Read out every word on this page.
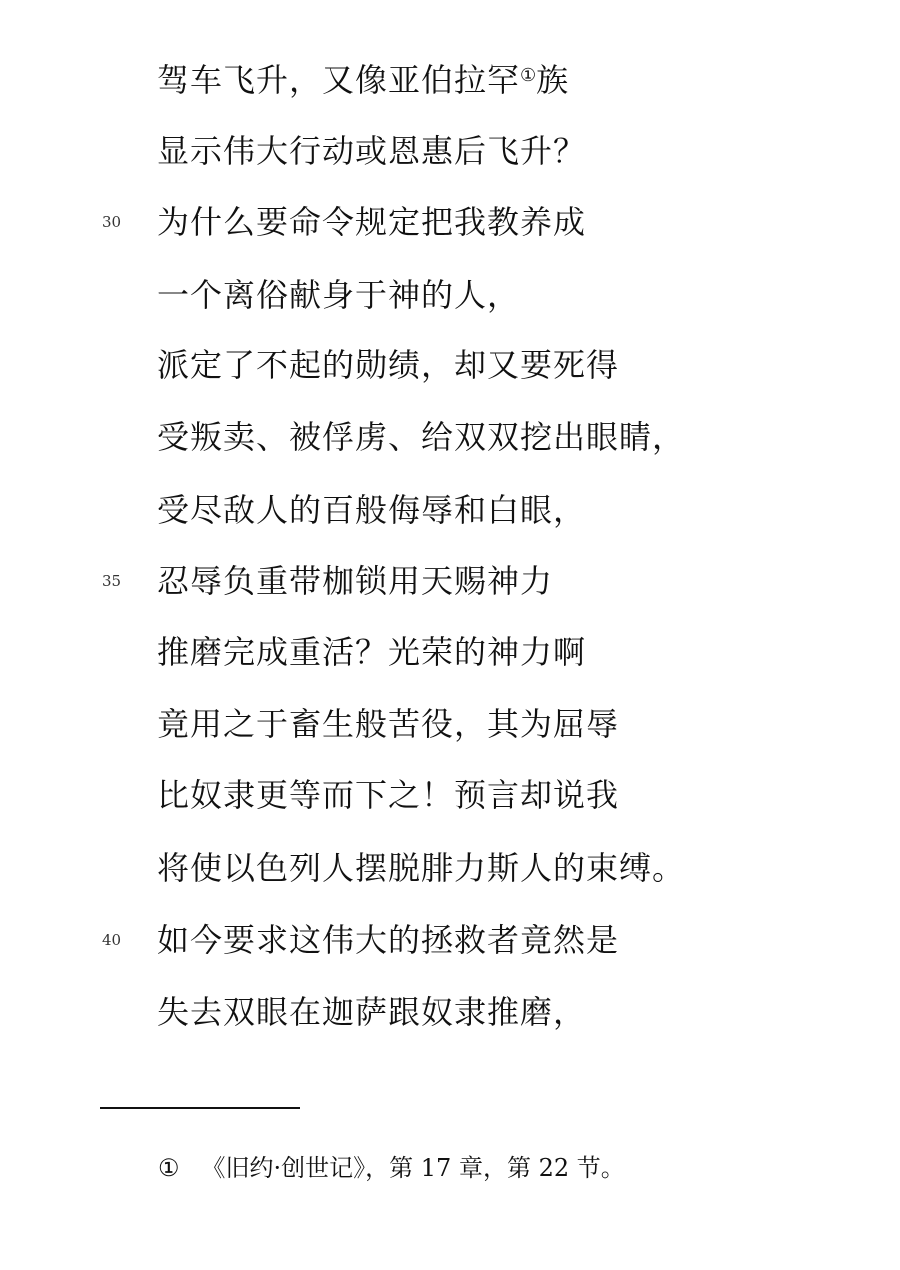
驾车飞升，又像亚伯拉罕①族
显示伟大行动或恩惠后飞升？
30 为什么要命令规定把我教养成
一个离俗献身于神的人，
派定了不起的勋绩，却又要死得
受叛卖、被俘虏、给双双挖出眼睛，
受尽敌人的百般侮辱和白眼，
35 忍辱负重带枷锁用天赐神力
推磨完成重活？光荣的神力啊
竟用之于畜生般苦役，其为屈辱
比奴隶更等而下之！预言却说我
将使以色列人摆脱腓力斯人的束缚。
40 如今要求这伟大的拯救者竟然是
失去双眼在迦萨跟奴隶推磨，
① 《旧约·创世记》，第 17 章，第 22 节。
